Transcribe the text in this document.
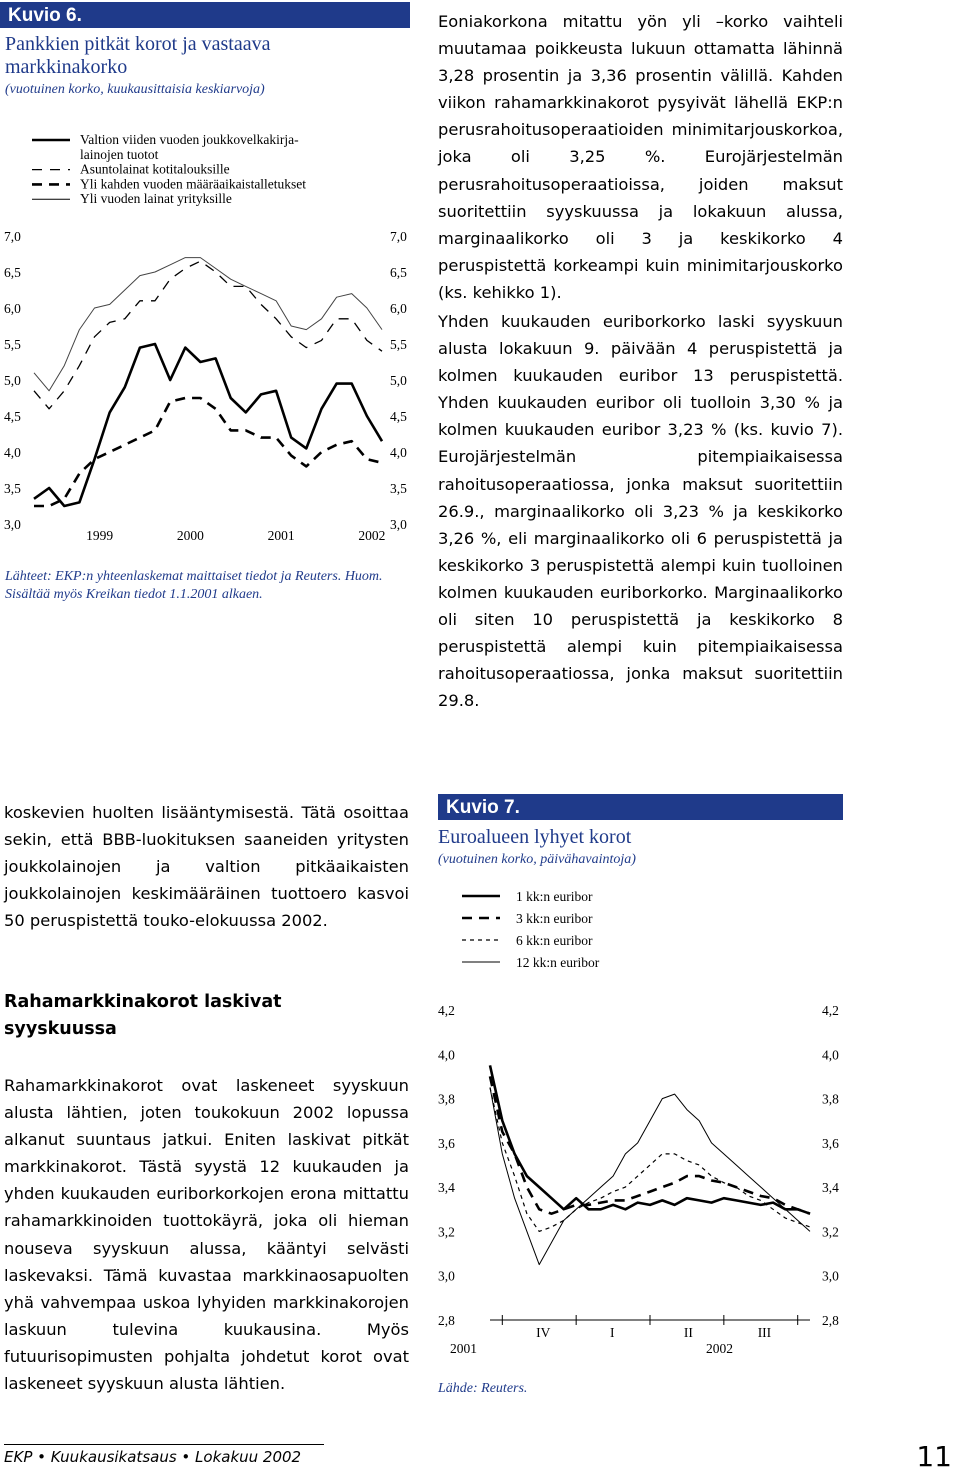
Kuvio 6.
Pankkien pitkät korot ja vastaava markkinakorko
(vuotuinen korko, kuukausittaisia keskiarvoja)
Valtion viiden vuoden joukkovelkakirja-
lainojen tuotot
Asuntolainat kotitalouksille
Yli kahden vuoden määräaikaistalletukset
Yli vuoden lainat yrityksille
7,0	7,0
6,5	6,5
6,0	6,0
5,5	5,5
5,0	5,0
4,5	4,5
4,0	4,0
3,5	3,5
3,0	3,0
1999	2000	2001	2002
Lähteet: EKP:n yhteenlaskemat maittaiset tiedot ja Reuters. Huom. Sisältää myös Kreikan tiedot 1.1.2001 alkaen.

Eoniakorkona mitattu yön yli –korko vaihteli muutamaa poikkeusta lukuun ottamatta lähinnä 3,28 prosentin ja 3,36 prosentin välillä. Kahden viikon rahamarkkinakorot pysyivät lähellä EKP:n perusrahoitusoperaatioiden minimitarjouskorkoa, joka oli 3,25 %. Eurojärjestelmän perusrahoitusoperaatioissa, joiden maksut suoritettiin syyskuussa ja lokakuun alussa, marginaalikorko oli 3 ja keskikorko 4 peruspistettä korkeampi kuin minimitarjouskorko (ks. kehikko 1).

Yhden kuukauden euriborkorko laski syyskuun alusta lokakuun 9. päivään 4 peruspistettä ja kolmen kuukauden euribor 13 peruspistettä. Yhden kuukauden euribor oli tuolloin 3,30 % ja kolmen kuukauden euribor 3,23 % (ks. kuvio 7). Eurojärjestelmän pitempiaikaisessa rahoitusoperaatiossa, jonka maksut suoritettiin 26.9., marginaalikorko oli 3,23 % ja keskikorko 3,26 %, eli marginaalikorko oli 6 peruspistettä ja keskikorko 3 peruspistettä alempi kuin tuolloinen kolmen kuukauden euriborkorko. Marginaalikorko oli siten 10 peruspistettä ja keskikorko 8 peruspistettä alempi kuin pitempiaikaisessa rahoitusoperaatiossa, jonka maksut suoritettiin 29.8.

koskevien huolten lisääntymisestä. Tätä osoittaa sekin, että BBB-luokituksen saaneiden yritysten joukkolainojen ja valtion pitkäaikaisten joukkolainojen keskimääräinen tuottoero kasvoi 50 peruspistettä touko-elokuussa 2002.

Rahamarkkinakorot laskivat syyskuussa

Rahamarkkinakorot ovat laskeneet syyskuun alusta lähtien, joten toukokuun 2002 lopussa alkanut suuntaus jatkui. Eniten laskivat pitkät markkinakorot. Tästä syystä 12 kuukauden ja yhden kuukauden euriborkorkojen erona mittattu rahamarkkinoiden tuottokäyrä, joka oli hieman nouseva syyskuun alussa, kääntyi selvästi laskevaksi. Tämä kuvastaa markkinaosapuolten yhä vahvempaa uskoa lyhyiden markkinakorojen laskuun tulevina kuukausina. Myös futuurisopimusten pohjalta johdetut korot ovat laskeneet syyskuun alusta lähtien.

Kuvio 7.
Euroalueen lyhyet korot
(vuotuinen korko, päivähavaintoja)
1 kk:n euribor
3 kk:n euribor
6 kk:n euribor
12 kk:n euribor
4,2	4,2
4,0	4,0
3,8	3,8
3,6	3,6
3,4	3,4
3,2	3,2
3,0	3,0
2,8	2,8
IV	I	II	III
2001	2002
Lähde: Reuters.
EKP • Kuukausikatsaus • Lokakuu 2002	11
